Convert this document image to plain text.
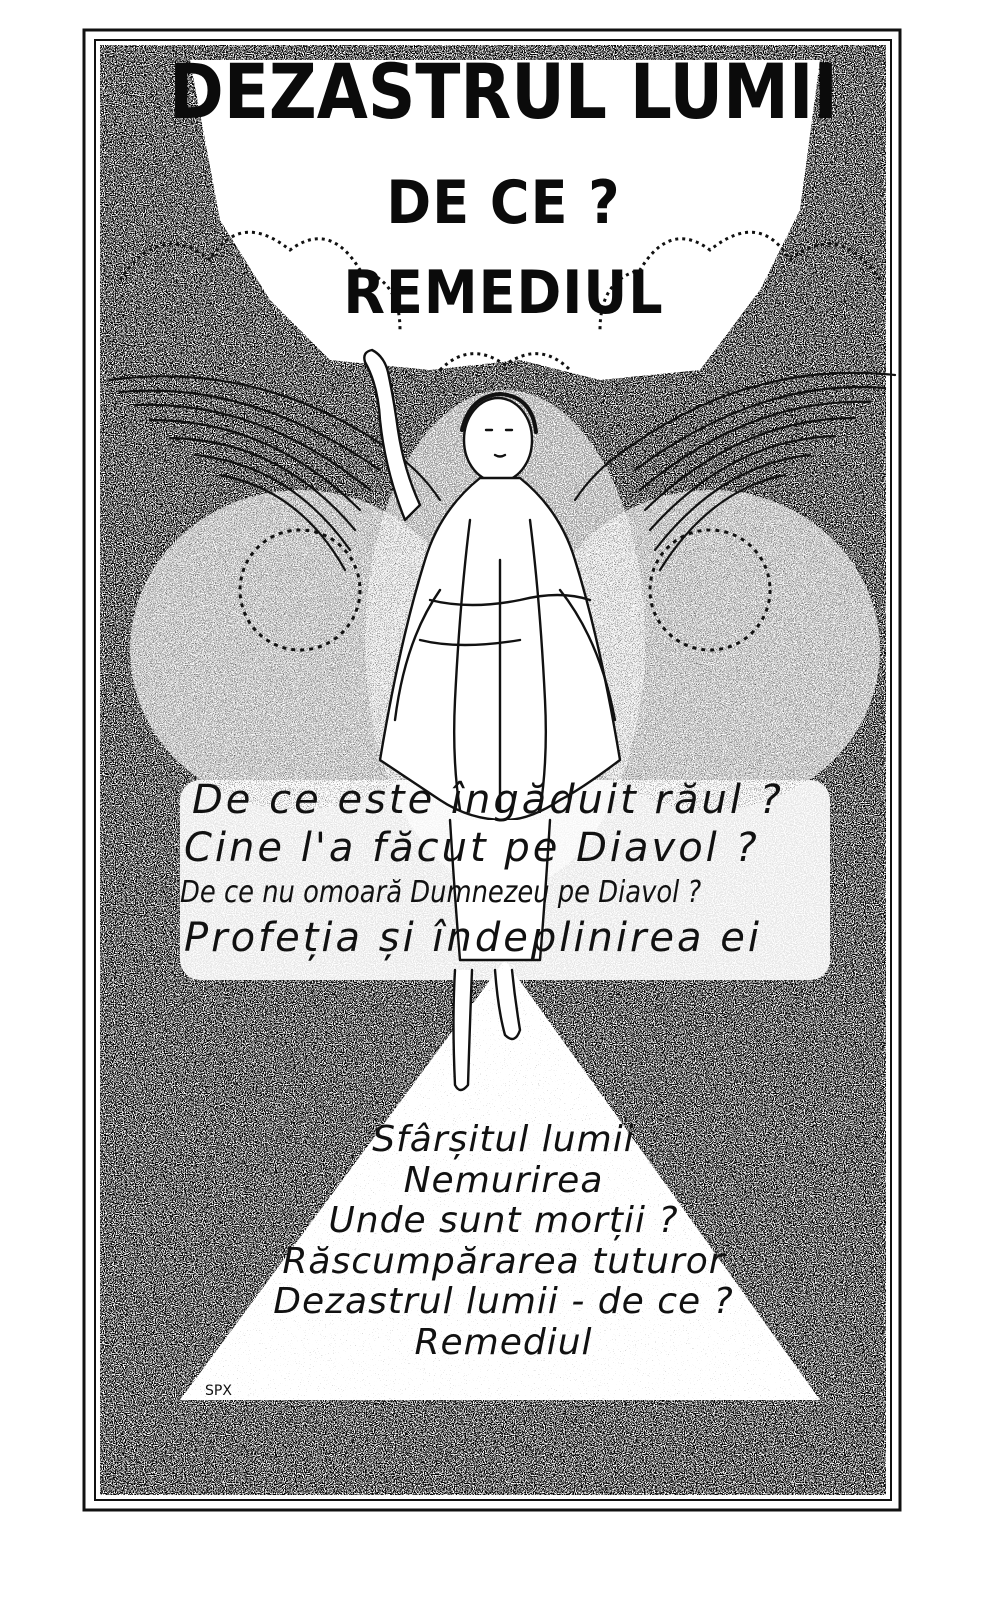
SPX
DEZASTRUL LUMII
DE CE ?
REMEDIUL
De ce este îngăduit răul ?
Cine l'a făcut pe Diavol ?
De ce nu omoară Dumnezeu pe Diavol ?
Profeția și îndeplinirea ei
Sfârșitul lumii
Nemurirea
Unde sunt morții ?
Răscumpărarea tuturor
Dezastrul lumii - de ce ?
Remediul
